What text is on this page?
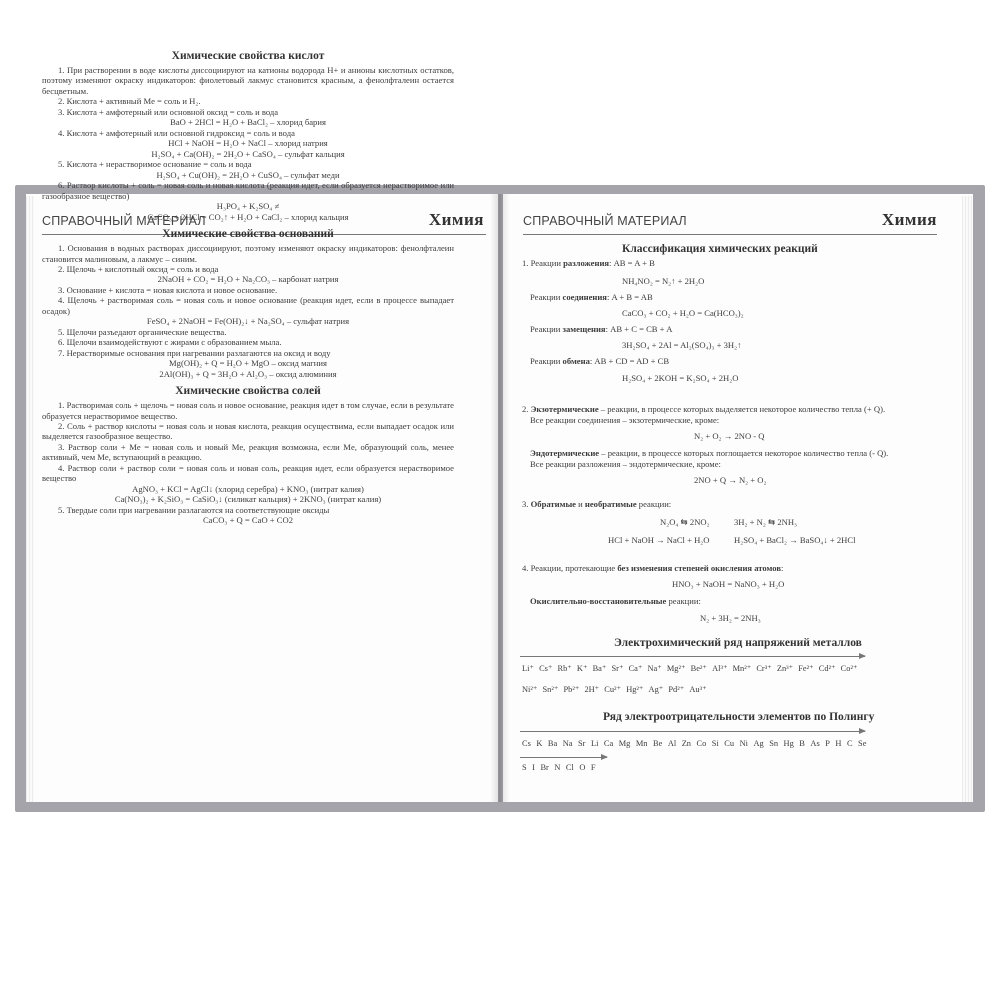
СПРАВОЧНЫЙ МАТЕРИАЛ	Химия	СПРАВОЧНЫЙ МАТЕРИАЛ	Химия
Химические свойства кислот

1. При растворении в воде кислоты диссоциируют на катионы водорода H+ и анионы кислотных остатков, поэтому изменяют окраску индикаторов: фиолетовый лакмус становится красным, а фенолфталеин остается бесцветным.

2. Кислота + активный Me = соль и H₂.

3. Кислота + амфотерный или основной оксид = соль и вода

BaO + 2HCl = H₂O + BaCl₂ – хлорид бария

4. Кислота + амфотерный или основной гидроксид = соль и вода

HCl + NaOH = H₂O + NaCl – хлорид натрия

H₂SO₄ + Ca(OH)₂ = 2H₂O + CaSO₄ – сульфат кальция

5. Кислота + нерастворимое основание = соль и вода

H₂SO₄ + Cu(OH)₂ = 2H₂O + CuSO₄ – сульфат меди

6. Раствор кислоты + соль = новая соль и новая кислота (реакция идет, если образуется нерастворимое или газообразное вещество)

H₃PO₄ + K₂SO₄ ≠

CaCO₃ + 2HCl = CO₂↑ + H₂O + CaCl₂ – хлорид кальция

Химические свойства оснований

1. Основания в водных растворах диссоциируют, поэтому изменяют окраску индикаторов: фенолфталеин становится малиновым, а лакмус – синим.

2. Щелочь + кислотный оксид = соль и вода

2NaOH + CO₂ = H₂O + Na₂CO₃ – карбонат натрия

3. Основание + кислота = новая кислота и новое основание.

4. Щелочь + растворимая соль = новая соль и новое основание (реакция идет, если в процессе выпадает осадок)

FeSO₄ + 2NaOH = Fe(OH)₂↓ + Na₂SO₄ – сульфат натрия

5. Щелочи разъедают органические вещества.

6. Щелочи взаимодействуют с жирами с образованием мыла.

7. Нерастворимые основания при нагревании разлагаются на оксид и воду

Mg(OH)₂ + Q = H₂O + MgO – оксид магния

2Al(OH)₃ + Q = 3H₂O + Al₂O₃ – оксид алюминия

Химические свойства солей

1. Растворимая соль + щелочь = новая соль и новое основание, реакция идет в том случае, если в результате образуется нерастворимое вещество.

2. Соль + раствор кислоты = новая соль и новая кислота, реакция осуществима, если выпадает осадок или выделяется газообразное вещество.

3. Раствор соли + Me = новая соль и новый Me, реакция возможна, если Me, образующий соль, менее активный, чем Me, вступающий в реакцию.

4. Раствор соли + раствор соли = новая соль и новая соль, реакция идет, если образуется нерастворимое вещество

AgNO₃ + KCl = AgCl↓ (хлорид серебра) + KNO₃ (нитрат калия)

Ca(NO₃)₂ + K₂SiO₃ = CaSiO₃↓ (силикат кальция) + 2KNO₃ (нитрат калия)

5. Твердые соли при нагревании разлагаются на соответствующие оксиды

CaCO₃ + Q = CaO + CO2

Классификация химических реакций
1. Реакции разложения: AB = A + B
NH₄NO₂ = N₂↑ + 2H₂O
Реакции соединения: A + B = AB
CaCO₃ + CO₂ + H₂O = Ca(HCO₃)₂
Реакции замещения: AB + C = CB + A
3H₂SO₄ + 2Al = Al₂(SO₄)₃ + 3H₂↑
Реакции обмена: AB + CD = AD + CB
H₂SO₄ + 2KOH = K₂SO₄ + 2H₂O
2. Экзотермические – реакции, в процессе которых выделяется некоторое количество тепла (+ Q).
Все реакции соединения – экзотермические, кроме:
N₂ + O₂ → 2NO - Q
Эндотермические – реакции, в процессе которых поглощается некоторое количество тепла (- Q).
Все реакции разложения – эндотермические, кроме:
2NO + Q → N₂ + O₂
3. Обратимые и необратимые реакции:
N₂O₄ ⇆ 2NO₂	3H₂ + N₂ ⇆ 2NH₃
HCl + NaOH → NaCl + H₂O	H₂SO₄ + BaCl₂ → BaSO₄↓ + 2HCl
4. Реакции, протекающие без изменения степеней окисления атомов:
HNO₃ + NaOH = NaNO₃ + H₂O
Окислительно-восстановительные реакции:
N₂ + 3H₂ = 2NH₃
Электрохимический ряд напряжений металлов
Li⁺ Cs⁺ Rb⁺ K⁺ Ba⁺ Sr⁺ Ca⁺ Na⁺ Mg²⁺ Be²⁺ Al³⁺ Mn²⁺ Cr³⁺ Zn³⁺ Fe²⁺ Cd²⁺ Co²⁺
Ni²⁺ Sn²⁺ Pb²⁺ 2H⁺ Cu²⁺ Hg²⁺ Ag⁺ Pd²⁺ Au³⁺
Ряд электроотрицательности элементов по Полингу
Cs K Ba Na Sr Li Ca Mg Mn Be Al Zn Co Si Cu Ni Ag Sn Hg B As P H C Se
S I Br N Cl O F
